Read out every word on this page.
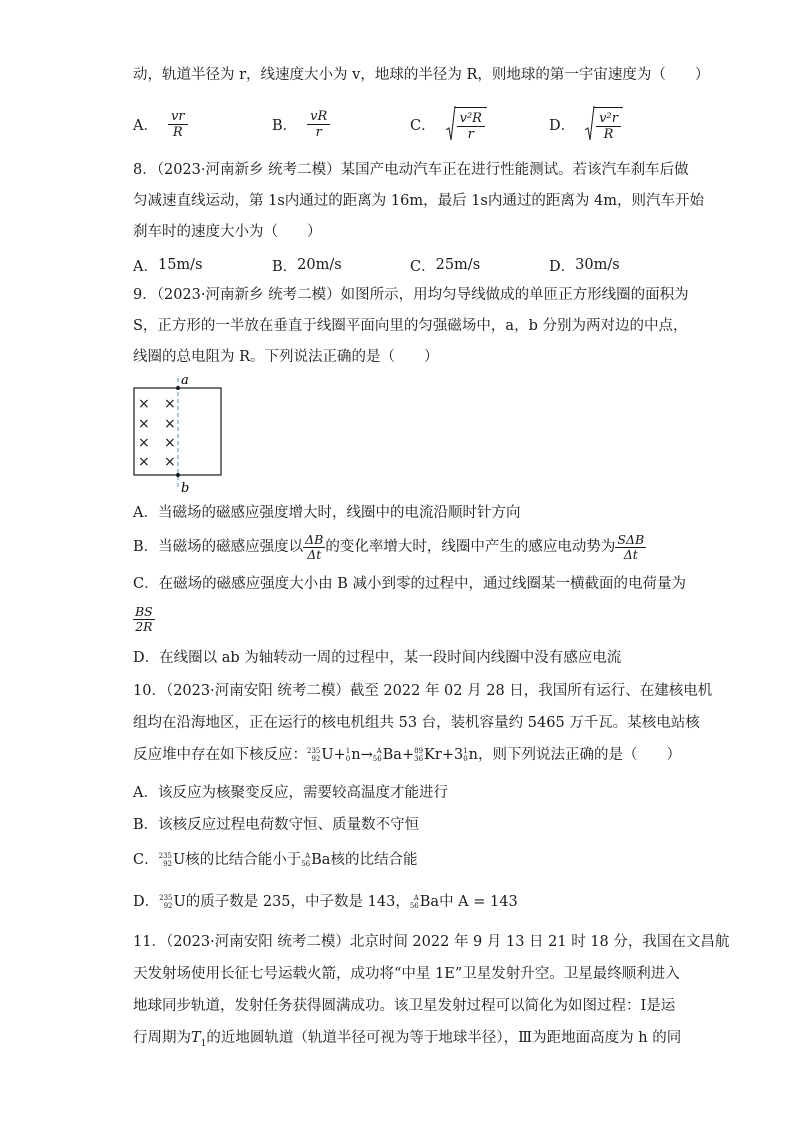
动，轨道半径为 r，线速度大小为 v，地球的半径为 R，则地球的第一宇宙速度为（　　）
A． $\frac{vr}{R}$	B． $\frac{vR}{r}$	C． $\frac{\text{v²R}}{r}$	D． $\frac{\text{v²r}}{R}$
8．（2023·河南新乡 统考二模）某国产电动汽车正在进行性能测试。若该汽车刹车后做
匀减速直线运动，第 1s内通过的距离为 16m，最后 1s内通过的距离为 4m，则汽车开始
刹车时的速度大小为（　　）
A． 15m/s	B． 20m/s	C． 25m/s	D． 30m/s
9．（2023·河南新乡 统考二模）如图所示，用均匀导线做成的单匝正方形线圈的面积为
S，正方形的一半放在垂直于线圈平面向里的匀强磁场中，a，b 分别为两对边的中点，
线圈的总电阻为 R。下列说法正确的是（　　）
a
b
× ×
× ×
× ×
× ×
A．当磁场的磁感应强度增大时，线圈中的电流沿顺时针方向
B．当磁场的磁感应强度以 $\frac{\Delta B}{\Delta t}$ 的变化率增大时，线圈中产生的感应电动势为 $\frac{\text{SΔB}}{\Delta t}$
C．在磁场的磁感应强度大小由 B 减小到零的过程中，通过线圈某一横截面的电荷量为
$\frac{BS}{2R}$
D．在线圈以 ab 为轴转动一周的过程中，某一段时间内线圈中没有感应电流
10．（2023·河南安阳 统考二模）截至 2022 年 02 月 28 日，我国所有运行、在建核电机
组均在沿海地区，正在运行的核电机组共 53 台，装机容量约 5465 万千瓦。某核电站核
反应堆中存在如下核反应： 235
92 U + 1
0 n → A
56 Ba + 89
36 Kr + 3 1
0 n ，则下列说法正确的是（　　）
A．该反应为核聚变反应，需要较高温度才能进行
B．该核反应过程电荷数守恒、质量数不守恒
C． 235
92 U 核的比结合能小于 A
56 Ba 核的比结合能
D． 235
92 U 的质子数是 235，中子数是 143， A
56 Ba 中 A = 143
11．（2023·河南安阳 统考二模）北京时间 2022 年 9 月 13 日 21 时 18 分，我国在文昌航
天发射场使用长征七号运载火箭，成功将“中星 1E”卫星发射升空。卫星最终顺利进入
地球同步轨道，发射任务获得圆满成功。该卫星发射过程可以简化为如图过程：Ⅰ是运
行周期为$T_1$的近地圆轨道（轨道半径可视为等于地球半径），Ⅲ为距地面高度为 h 的同
